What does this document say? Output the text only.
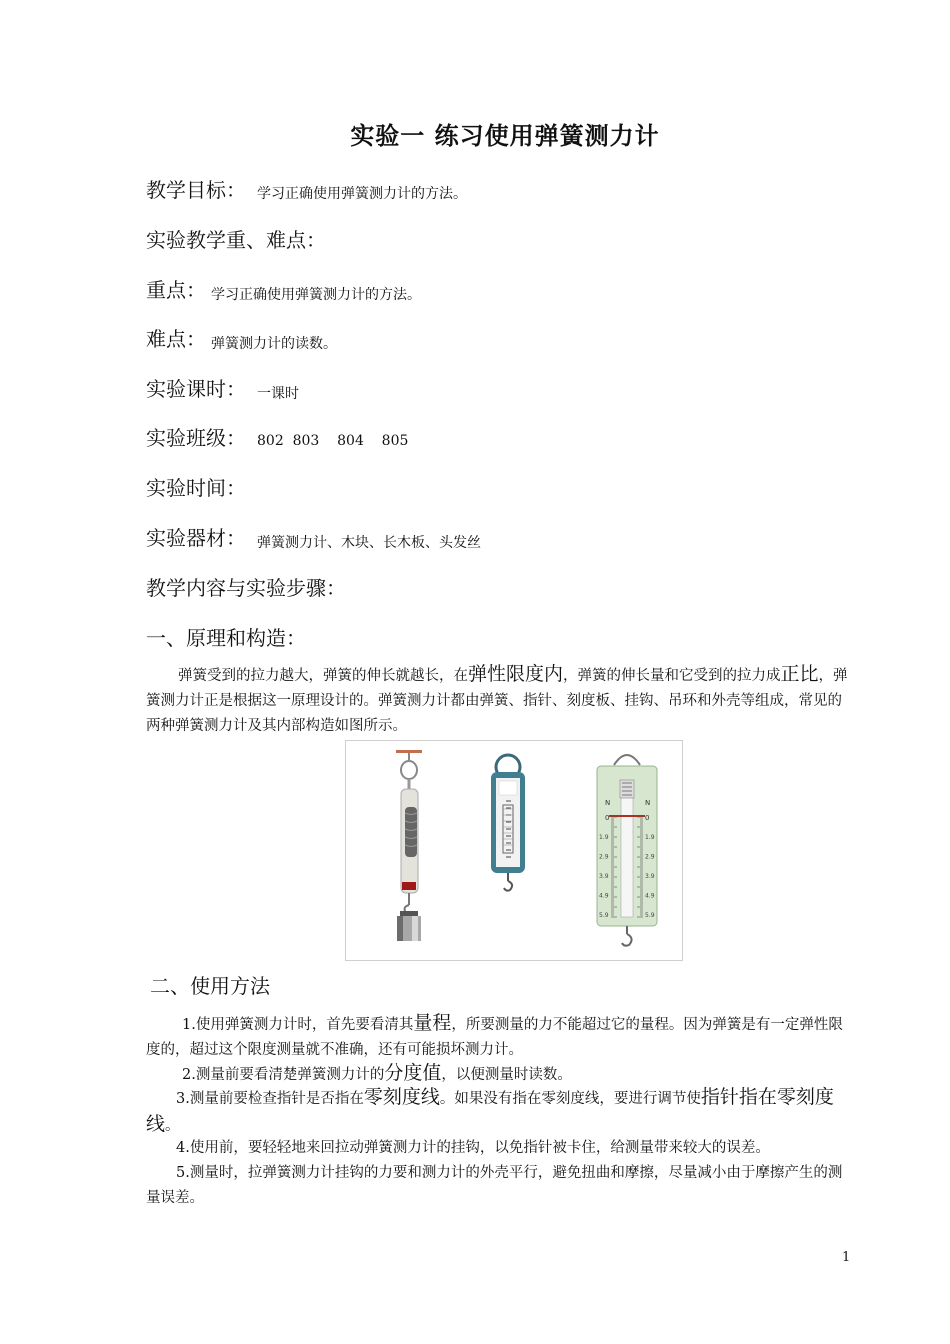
实验一 练习使用弹簧测力计
教学目标： 学习正确使用弹簧测力计的方法。
实验教学重、难点：
重点： 学习正确使用弹簧测力计的方法。
难点： 弹簧测力计的读数。
实验课时： 一课时
实验班级： 802  803    804    805
实验时间：
实验器材： 弹簧测力计、木块、长木板、头发丝
教学内容与实验步骤：
一、原理和构造：
弹簧受到的拉力越大，弹簧的伸长就越长，在弹性限度内，弹簧的伸长量和它受到的拉力成正比，弹簧测力计正是根据这一原理设计的。弹簧测力计都由弹簧、指针、刻度板、挂钩、吊环和外壳等组成，常见的两种弹簧测力计及其内部构造如图所示。
N	N
0	0
1.9	1.9
2.9	2.9
3.9	3.9
4.9	4.9
5.9	5.9
二、使用方法
1.使用弹簧测力计时，首先要看清其量程，所要测量的力不能超过它的量程。因为弹簧是有一定弹性限度的，超过这个限度测量就不准确，还有可能损坏测力计。
2.测量前要看清楚弹簧测力计的分度值，以便测量时读数。
3.测量前要检查指针是否指在零刻度线。如果没有指在零刻度线，要进行调节使指针指在零刻度线。
4.使用前，要轻轻地来回拉动弹簧测力计的挂钩，以免指针被卡住，给测量带来较大的误差。
5.测量时，拉弹簧测力计挂钩的力要和测力计的外壳平行，避免扭曲和摩擦，尽量减小由于摩擦产生的测量误差。
1
